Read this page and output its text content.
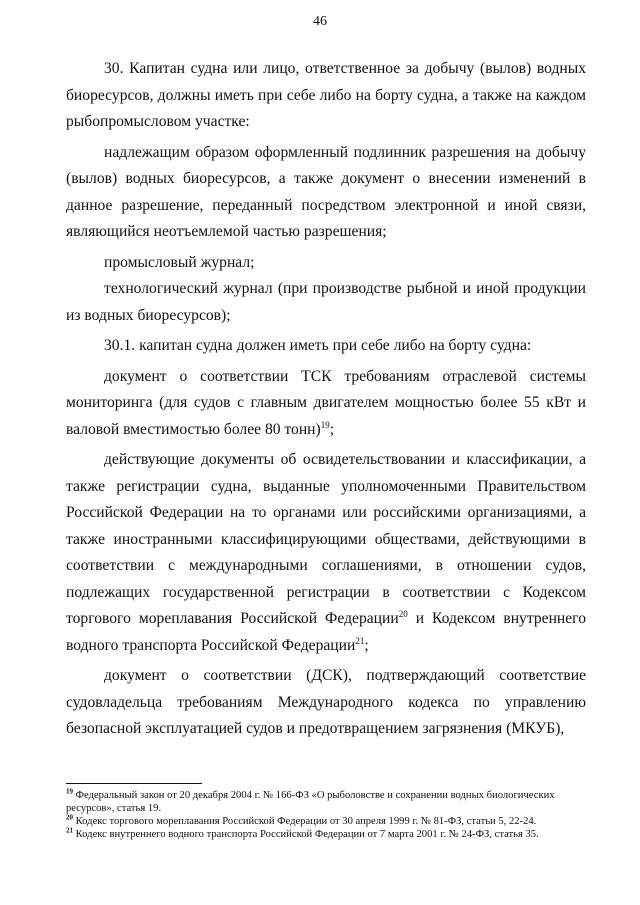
46

30. Капитан судна или лицо, ответственное за добычу (вылов) водных биоресурсов, должны иметь при себе либо на борту судна, а также на каждом рыбопромысловом участке:

надлежащим образом оформленный подлинник разрешения на добычу (вылов) водных биоресурсов, а также документ о внесении изменений в данное разрешение, переданный посредством электронной и иной связи, являющийся неотъемлемой частью разрешения;

промысловый журнал;

технологический журнал (при производстве рыбной и иной продукции из водных биоресурсов);

30.1. капитан судна должен иметь при себе либо на борту судна:

документ о соответствии ТСК требованиям отраслевой системы мониторинга (для судов с главным двигателем мощностью более 55 кВт и валовой вместимостью более 80 тонн)$^{19}$;

действующие документы об освидетельствовании и классификации, а также регистрации судна, выданные уполномоченными Правительством Российской Федерации на то органами или российскими организациями, а также иностранными классифицирующими обществами, действующими в соответствии с международными соглашениями, в отношении судов, подлежащих государственной регистрации в соответствии с Кодексом торгового мореплавания Российской Федерации$^{20}$ и Кодексом внутреннего водного транспорта Российской Федерации$^{21}$;

документ о соответствии (ДСК), подтверждающий соответствие судовладельца требованиям Международного кодекса по управлению безопасной эксплуатацией судов и предотвращением загрязнения (МКУБ),

$^{19}$ Федеральный закон от 20 декабря 2004 г. № 166-ФЗ «О рыболовстве и сохранении водных биологических ресурсов», статья 19.

$^{20}$ Кодекс торгового мореплавания Российской Федерации от 30 апреля 1999 г. № 81-ФЗ, статьи 5, 22-24.

$^{21}$ Кодекс внутреннего водного транспорта Российской Федерации от 7 марта 2001 г. № 24-ФЗ, статья 35.
